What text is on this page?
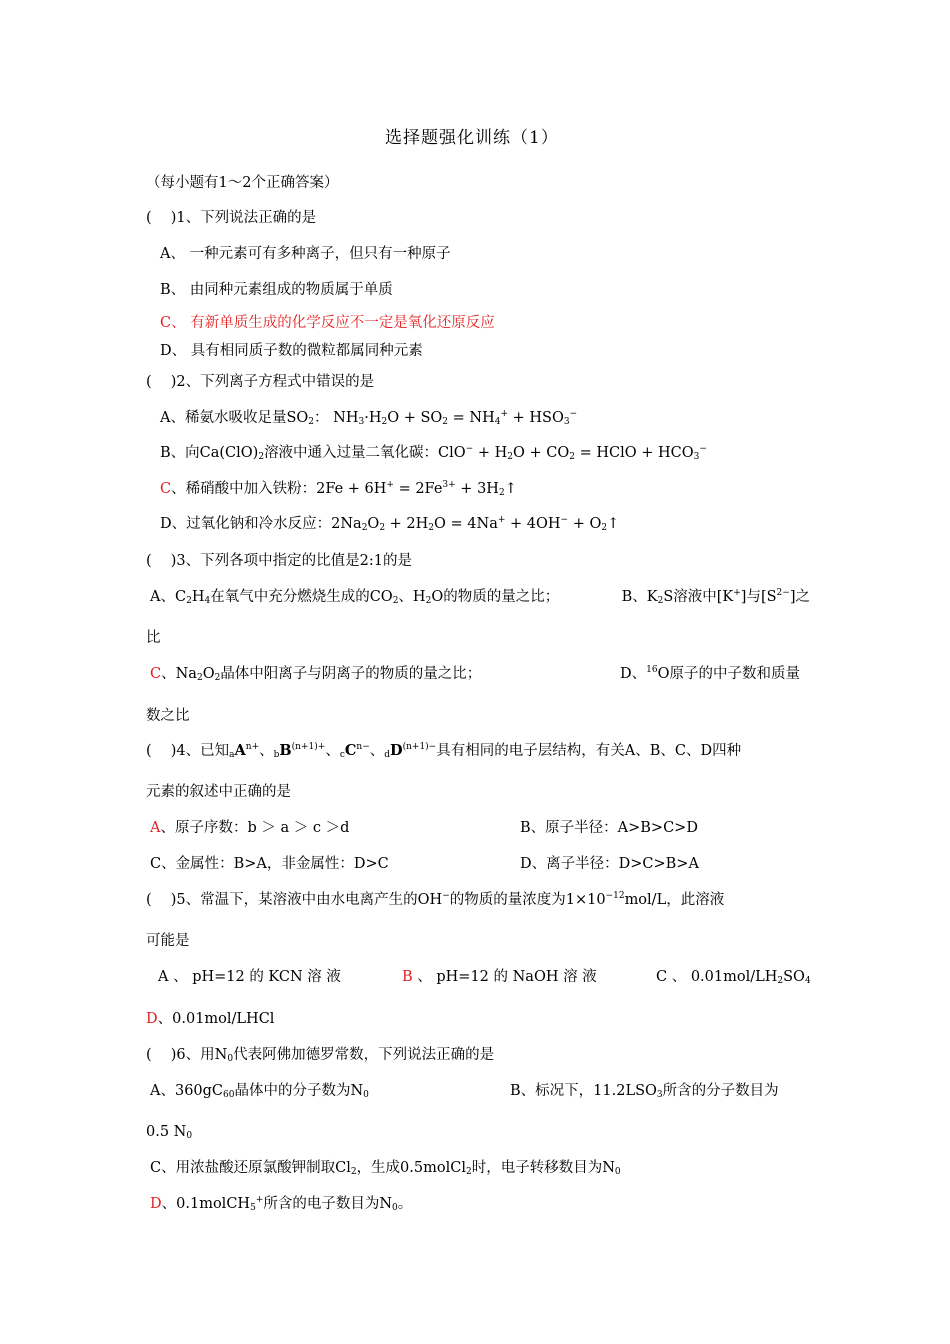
选择题强化训练（1）
（每小题有1～2个正确答案）
(　 )1、下列说法正确的是
A、 一种元素可有多种离子，但只有一种原子
B、 由同种元素组成的物质属于单质
C、 有新单质生成的化学反应不一定是氧化还原反应
D、 具有相同质子数的微粒都属同种元素
(　 )2、下列离子方程式中错误的是
A、稀氨水吸收足量$SO_2$： $NH_3\cdot H_2O + SO_2 = NH_4^+ + HSO_3^-$
B、向$Ca(ClO)_2$溶液中通入过量二氧化碳：$ClO^- + H_2O + CO_2$ = HClO + $HCO_3^-$
C、稀硝酸中加入铁粉：$2Fe + 6H^+ = 2Fe^{3+}$ + $3H_2↑$
D、过氧化钠和冷水反应：$2Na_2O_2 + 2H_2O = 4Na^+ + 4OH^-$ + $O_2↑$
(　 )3、下列各项中指定的比值是2:1的是
A、$C_2H_4$在氧气中充分燃烧生成的$CO_2$、$H_2O$的物质的量之比；	B、$K_2S$溶液中[K+]与$[S^{2-}]$之
比
C、$Na_2O_2$晶体中阳离子与阴离子的物质的量之比；	D、$^{16}$O原子的中子数和质量
数之比
(　 )4、已知$_aA^{n+}$、$_bB^{(n+1)+}$、$_cC^{n-}$、$_dD^{(n+1)-}$具有相同的电子层结构，有关A、B、C、D四种
元素的叙述中正确的是
A、原子序数：b ＞ a ＞ c ＞d	B、原子半径：A>B>C>D
C、金属性：B>A，非金属性：D>C	D、离子半径：D>C>B>A
(　 )5、常温下，某溶液中由水电离产生的OH−的物质的量浓度为$1\times 10^{-12}mol/L$，此溶液
可能是
A 、 pH=12 的 KCN 溶 液	B 、 pH=12 的 NaOH 溶 液	C 、 $0.01mol/LH_2SO_4$
D、0.01mol/LHCl
(　 )6、用$N_0$代表阿佛加德罗常数，下列说法正确的是
A、$360gC_{60}$晶体中的分子数为$N_0$	B、标况下，$11.2LSO_3$所含的分子数目为
0.5 $N_0$
C、用浓盐酸还原氯酸钾制取$Cl_2$，生成0.5molCl$_2$时，电子转移数目为$N_0$
D、0.1molCH$_5$+所含的电子数目为$N_0$。
